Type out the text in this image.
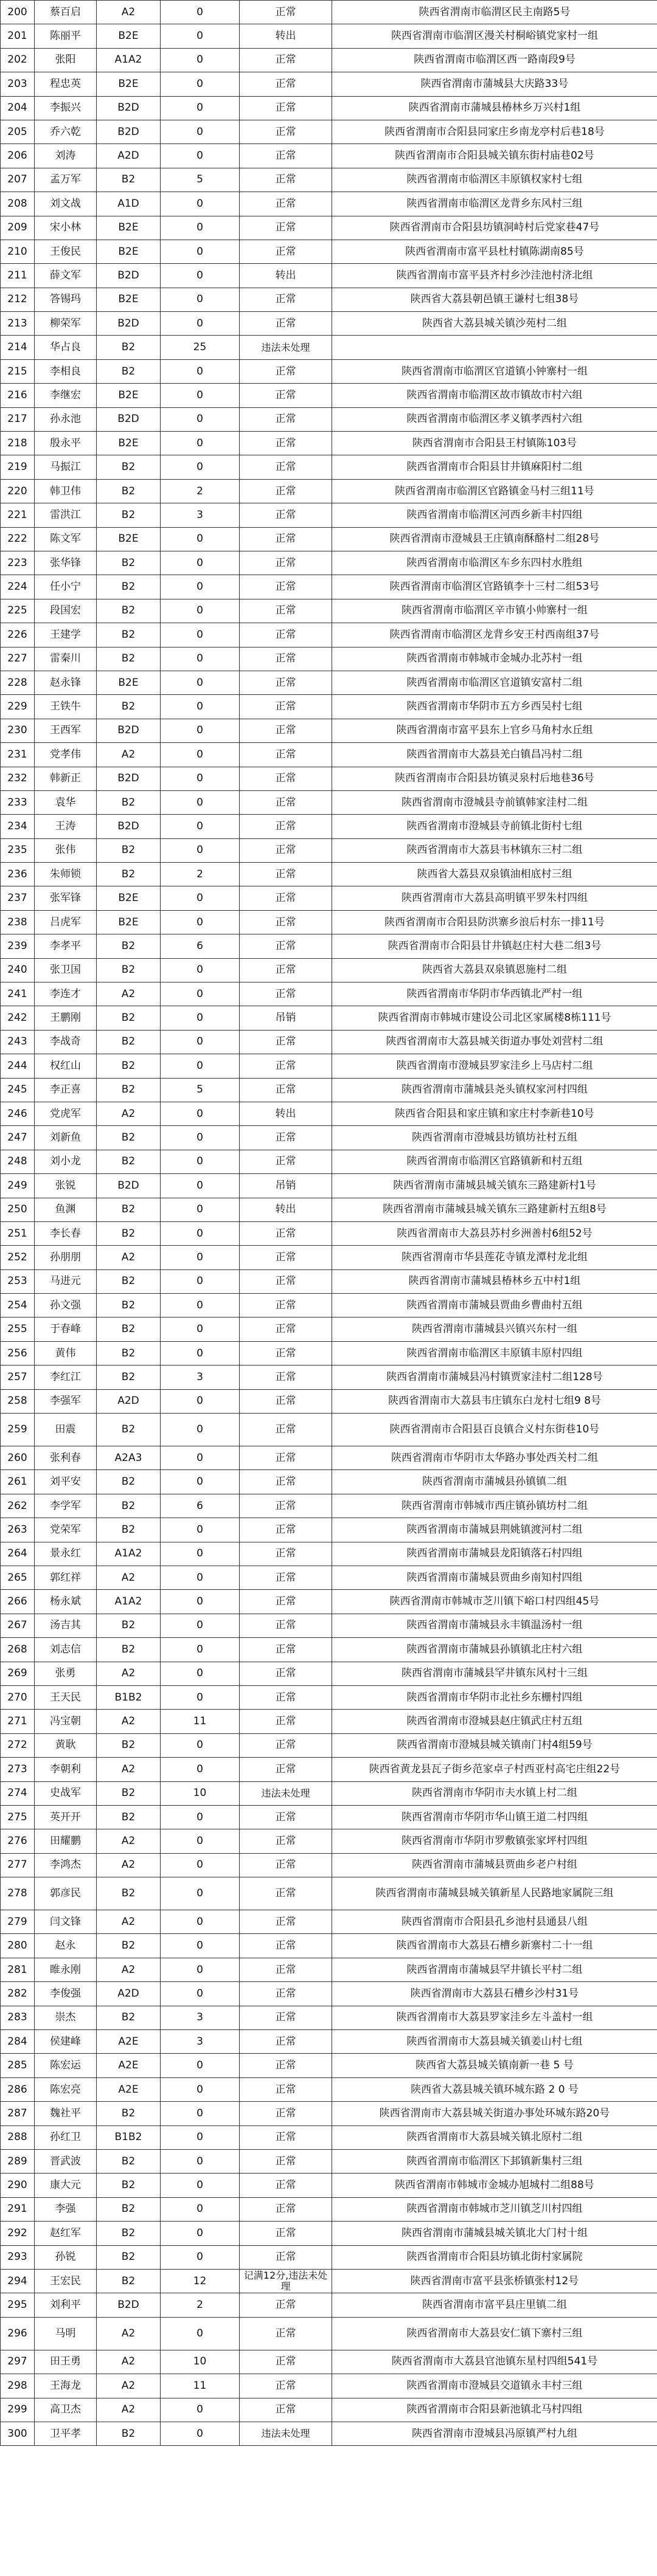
200	蔡百启	A2	0	正常	陕西省渭南市临渭区民主南路5号
201	陈丽平	B2E	0	转出	陕西省渭南市临渭区漫关村桐峪镇党家村一组
202	张阳	A1A2	0	正常	陕西省渭南市临渭区西一路南段9号
203	程忠英	B2E	0	正常	陕西省渭南市蒲城县大庆路33号
204	李振兴	B2D	0	正常	陕西省渭南市蒲城县椿林乡万兴村1组
205	乔六乾	B2D	0	正常	陕西省渭南市合阳县同家庄乡南龙亭村后巷18号
206	刘涛	A2D	0	正常	陕西省渭南市合阳县城关镇东街村庙巷02号
207	孟万军	B2	5	正常	陕西省渭南市临渭区丰原镇权家村七组
208	刘文战	A1D	0	正常	陕西省渭南市临渭区龙背乡东风村三组
209	宋小林	B2E	0	正常	陕西省渭南市合阳县坊镇洞峙村后党家巷47号
210	王俊民	B2E	0	正常	陕西省渭南市富平县杜村镇陈湖南85号
211	薛文军	B2D	0	转出	陕西省渭南市富平县齐村乡沙洼池村济北组
212	答锡玛	B2E	0	正常	陕西省大荔县朝邑镇王谦村七组38号
213	柳荣军	B2D	0	正常	陕西省大荔县城关镇沙苑村二组
214	华占良	B2	25	违法未处理	
215	李相良	B2	0	正常	陕西省渭南市临渭区官道镇小钟寨村一组
216	李继宏	B2E	0	正常	陕西省渭南市临渭区故市镇故市村六组
217	孙永池	B2D	0	正常	陕西省渭南市临渭区孝义镇孝西村六组
218	殷永平	B2E	0	正常	陕西省渭南市合阳县王村镇陈103号
219	马振江	B2	0	正常	陕西省渭南市合阳县甘井镇麻阳村二组
220	韩卫伟	B2	2	正常	陕西省渭南市临渭区官路镇金马村三组11号
221	雷洪江	B2	3	正常	陕西省渭南市临渭区河西乡新丰村四组
222	陈文军	B2E	0	正常	陕西省渭南市澄城县王庄镇南酥酪村二组28号
223	张华锋	B2	0	正常	陕西省渭南市临渭区车乡东四村水胜组
224	任小宁	B2	0	正常	陕西省渭南市临渭区官路镇李十三村二组53号
225	段国宏	B2	0	正常	陕西省渭南市临渭区辛市镇小帅寨村一组
226	王建学	B2	0	正常	陕西省渭南市临渭区龙背乡安王村西南组37号
227	雷秦川	B2	0	正常	陕西省渭南市韩城市金城办北苏村一组
228	赵永锋	B2E	0	正常	陕西省渭南市临渭区官道镇安富村二组
229	王铁牛	B2	0	正常	陕西省渭南市华阴市五方乡西吴村七组
230	王西军	B2D	0	正常	陕西省渭南市富平县东上官乡马角村水丘组
231	党孝伟	A2	0	正常	陕西省渭南市大荔县羌白镇昌冯村二组
232	韩新正	B2D	0	正常	陕西省渭南市合阳县坊镇灵泉村后地巷36号
233	袁华	B2	0	正常	陕西省渭南市澄城县寺前镇韩家洼村二组
234	王涛	B2D	0	正常	陕西省渭南市澄城县寺前镇北街村七组
235	张伟	B2	0	正常	陕西省渭南市大荔县韦林镇东三村二组
236	朱师锁	B2	2	正常	陕西省大荔县双泉镇油相底村三组
237	张军锋	B2E	0	正常	陕西省渭南市大荔县高明镇平罗朱村四组
238	吕虎军	B2E	0	正常	陕西省渭南市合阳县防洪寨乡浪后村东一排11号
239	李孝平	B2	6	正常	陕西省渭南市合阳县甘井镇赵庄村大巷二组3号
240	张卫国	B2	0	正常	陕西省大荔县双泉镇恩施村二组
241	李连才	A2	0	正常	陕西省渭南市华阴市华西镇北严村一组
242	王鹏刚	B2	0	吊销	陕西省渭南市韩城市建设公司北区家属楼8栋111号
243	李战奇	B2	0	正常	陕西省渭南市大荔县城关街道办事处刘营村二组
244	权红山	B2	0	正常	陕西省渭南市澄城县罗家洼乡上马店村二组
245	李正喜	B2	5	正常	陕西省渭南市蒲城县尧头镇权家河村四组
246	党虎军	A2	0	转出	陕西省合阳县和家庄镇和家庄村李新巷10号
247	刘新鱼	B2	0	正常	陕西省渭南市澄城县坊镇坊社村五组
248	刘小龙	B2	0	正常	陕西省渭南市临渭区官路镇新和村五组
249	张锐	B2D	0	吊销	陕西省渭南市蒲城县城关镇东三路建新村1号
250	鱼渊	B2	0	转出	陕西省渭南市蒲城县城关镇东三路建新村五组8号
251	李长春	B2	0	正常	陕西省渭南市大荔县苏村乡洲善村6组52号
252	孙朋朋	A2	0	正常	陕西省渭南市华县莲花寺镇龙潭村龙北组
253	马进元	B2	0	正常	陕西省渭南市蒲城县椿林乡五中村1组
254	孙文强	B2	0	正常	陕西省渭南市蒲城县贾曲乡曹曲村五组
255	于春峰	B2	0	正常	陕西省渭南市蒲城县兴镇兴东村一组
256	黄伟	B2	0	正常	陕西省渭南市临渭区丰原镇丰原村四组
257	李红江	B2	3	正常	陕西省渭南市蒲城县冯村镇贾家洼村二组128号
258	李强军	A2D	0	正常	陕西省渭南市大荔县韦庄镇东白龙村七组9 8号
259	田震	B2	0	正常	陕西省渭南市合阳县百良镇合义村东街巷10号
260	张利春	A2A3	0	正常	陕西省渭南市华阴市太华路办事处西关村二组
261	刘平安	B2	0	正常	陕西省渭南市蒲城县孙镇镇二组
262	李学军	B2	6	正常	陕西省渭南市韩城市西庄镇孙镇坊村二组
263	党荣军	B2	0	正常	陕西省渭南市蒲城县荆姚镇渡河村二组
264	景永红	A1A2	0	正常	陕西省渭南市蒲城县龙阳镇落石村四组
265	郭红祥	A2	0	正常	陕西省渭南市蒲城县贾曲乡南知村四组
266	杨永斌	A1A2	0	正常	陕西省渭南市韩城市芝川镇下峪口村四组45号
267	汤吉其	B2	0	正常	陕西省渭南市蒲城县永丰镇温汤村一组
268	刘志信	B2	0	正常	陕西省渭南市蒲城县孙镇镇北庄村六组
269	张勇	A2	0	正常	陕西省渭南市蒲城县罕井镇东风村十三组
270	王天民	B1B2	0	正常	陕西省渭南市华阴市北社乡东栅村四组
271	冯宝朝	A2	11	正常	陕西省渭南市澄城县赵庄镇武庄村五组
272	黄耿	B2	0	正常	陕西省渭南市澄城县城关镇南门村4组59号
273	李朝利	A2	0	正常	陕西省黄龙县瓦子街乡范家卓子村西亚村高宅庄组22号
274	史战军	B2	10	违法未处理	陕西省渭南市华阴市夫水镇上村二组
275	英开开	B2	0	正常	陕西省渭南市华阴市华山镇王道二村四组
276	田耀鹏	A2	0	正常	陕西省渭南市华阴市罗敷镇张家坪村四组
277	李鸿杰	A2	0	正常	陕西省渭南市蒲城县贾曲乡老户村组
278	郭彦民	B2	0	正常	陕西省渭南市蒲城县城关镇新星人民路地家属院三组
279	闫文锋	A2	0	正常	陕西省渭南市合阳县孔乡池村县通县八组
280	赵永	B2	0	正常	陕西省渭南市大荔县石槽乡新寨村二十一组
281	睢永刚	A2	0	正常	陕西省渭南市蒲城县罕井镇长平村二组
282	李俊强	A2D	0	正常	陕西省渭南市大荔县石槽乡沙村31号
283	崇杰	B2	3	正常	陕西省渭南市大荔县罗家洼乡左斗盖村一组
284	侯建峰	A2E	3	正常	陕西省渭南市大荔县城关镇姜山村七组
285	陈宏运	A2E	0	正常	陕西省大荔县城关镇南新一巷 5 号
286	陈宏亮	A2E	0	正常	陕西省大荔县城关镇环城东路 2 0 号
287	魏社平	B2	0	正常	陕西省渭南市大荔县城关街道办事处环城东路20号
288	孙红卫	B1B2	0	正常	陕西省渭南市大荔县城关镇北原村二组
289	晋武波	B2	0	正常	陕西省渭南市临渭区下邽镇新集村三组
290	康大元	B2	0	正常	陕西省渭南市韩城市金城办旭城村二组88号
291	李强	B2	0	正常	陕西省渭南市韩城市芝川镇芝川村四组
292	赵红军	B2	0	正常	陕西省渭南市蒲城县城关镇北大门村十组
293	孙锐	B2	0	正常	陕西省渭南市合阳县坊镇北街村家属院
294	王宏民	B2	12	记满12分,违法未处理	陕西省渭南市富平县张桥镇张村12号
295	刘利平	B2D	2	正常	陕西省渭南市富平县庄里镇二组
296	马明	A2	0	正常	陕西省渭南市大荔县安仁镇下寨村三组
297	田王勇	A2	10	正常	陕西省渭南市大荔县官池镇东星村四组541号
298	王海龙	A2	11	正常	陕西省渭南市澄城县交道镇永丰村三组
299	高卫杰	A2	0	正常	陕西省渭南市合阳县新池镇北马村四组
300	卫平孝	B2	0	违法未处理	陕西省渭南市澄城县冯原镇严村九组
